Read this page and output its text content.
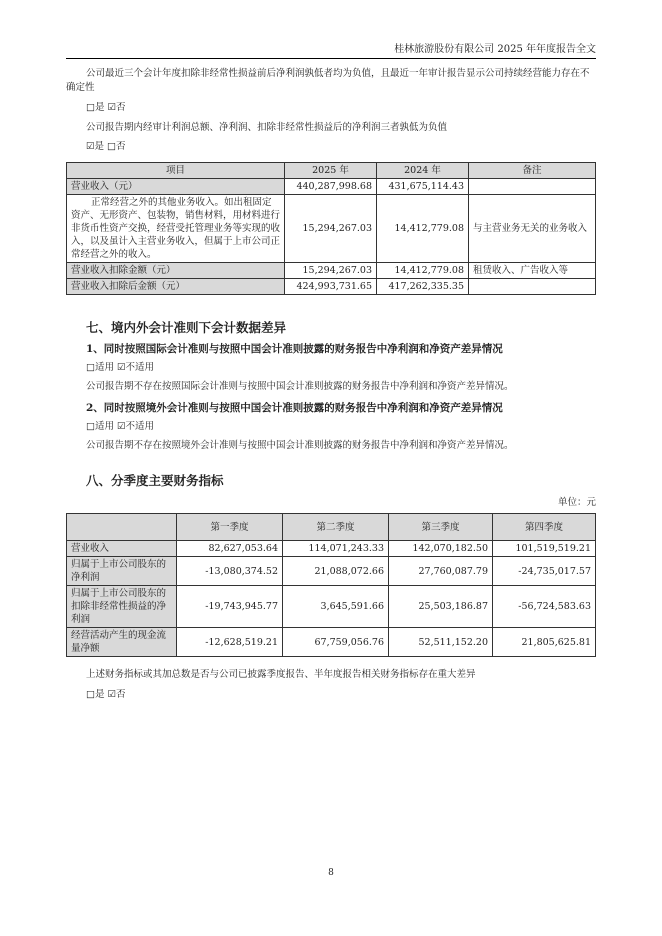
桂林旅游股份有限公司 2025 年年度报告全文
公司最近三个会计年度扣除非经常性损益前后净利润孰低者均为负值，且最近一年审计报告显示公司持续经营能力存在不确定性
□是 ☑否
公司报告期内经审计利润总额、净利润、扣除非经常性损益后的净利润三者孰低为负值
☑是 □否
项目	2025 年	2024 年	备注
营业收入（元）	440,287,998.68	431,675,114.43	
正常经营之外的其他业务收入。如出租固定资产、无形资产、包装物，销售材料，用材料进行非货币性资产交换，经营受托管理业务等实现的收入，以及虽计入主营业务收入，但属于上市公司正常经营之外的收入。	15,294,267.03	14,412,779.08	与主营业务无关的业务收入
营业收入扣除金额（元）	15,294,267.03	14,412,779.08	租赁收入、广告收入等
营业收入扣除后金额（元）	424,993,731.65	417,262,335.35	
七、境内外会计准则下会计数据差异
1、同时按照国际会计准则与按照中国会计准则披露的财务报告中净利润和净资产差异情况
□适用 ☑不适用
公司报告期不存在按照国际会计准则与按照中国会计准则披露的财务报告中净利润和净资产差异情况。
2、同时按照境外会计准则与按照中国会计准则披露的财务报告中净利润和净资产差异情况
□适用 ☑不适用
公司报告期不存在按照境外会计准则与按照中国会计准则披露的财务报告中净利润和净资产差异情况。
八、分季度主要财务指标
单位：元
	第一季度	第二季度	第三季度	第四季度
营业收入	82,627,053.64	114,071,243.33	142,070,182.50	101,519,519.21
归属于上市公司股东的净利润	-13,080,374.52	21,088,072.66	27,760,087.79	-24,735,017.57
归属于上市公司股东的扣除非经常性损益的净利润	-19,743,945.77	3,645,591.66	25,503,186.87	-56,724,583.63
经营活动产生的现金流量净额	-12,628,519.21	67,759,056.76	52,511,152.20	21,805,625.81
上述财务指标或其加总数是否与公司已披露季度报告、半年度报告相关财务指标存在重大差异
□是 ☑否
8
